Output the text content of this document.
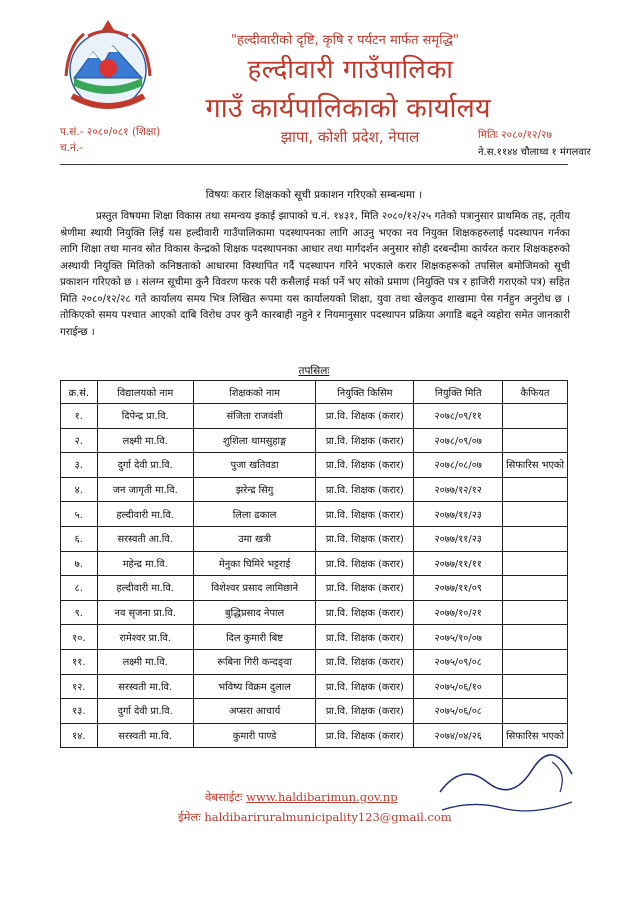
"हल्दीवारीको दृष्टि, कृषि र पर्यटन मार्फत समृद्धि"
हल्दीवारी गाउँपालिका
गाउँ कार्यपालिकाको कार्यालय
झापा, कोशी प्रदेश, नेपाल
प.सं.- २०८०/०८१ (शिक्षा)
च.नं.-
मितिः २०८०/१२/२७
ने.स.११४४ चौलाथ्व १ मंगलवार
विषयः करार शिक्षकको सूची प्रकाशन गरिएको सम्बन्धमा ।
प्रस्तुत विषयमा शिक्षा विकास तथा समन्वय इकाई झापाको च.नं. १४३१, मिति २०८०/१२/२५ गतेको पत्रानुसार प्राथमिक तह, तृतीय श्रेणीमा स्थायी नियुक्ति लिई यस हल्दीवारी गाउँपालिकामा पदस्थापनका लागि आउनु भएका नव नियुक्त शिक्षकहरुलाई पदस्थापन गर्नका लागि शिक्षा तथा मानव स्रोत विकास केन्द्रको शिक्षक पदस्थापनका आधार तथा मार्गदर्शन अनुसार सोही दरबन्दीमा कार्यरत करार शिक्षकहरुको अस्थायी नियुक्ति मितिको कनिष्ठताको आधारमा विस्थापित गर्दै पदस्थापन गरिने भएकाले करार शिक्षकहरूको तपसिल बमोजिमको सूची प्रकाशन गरिएको छ । संलग्न सूचीमा कुनै विवरण फरक परी कसैलाई मर्का पर्ने भए सोको प्रमाण (नियुक्ति पत्र र हाजिरी गराएको पत्र) सहित मिति २०८०/१२/२८ गते कार्यालय समय भित्र लिखित रूपमा यस कार्यालयको शिक्षा, युवा तथा खेलकुद शाखामा पेस गर्नहुन अनुरोध छ । तोकिएको समय पश्चात आएको दाबि विरोध उपर कुनै कारबाही नहुने र नियमानुसार पदस्थापन प्रक्रिया अगाडि बढ्ने व्यहोरा समेत जानकारी गराईन्छ ।
तपसिलः
क्र.सं.	विद्यालयको नाम	शिक्षकको नाम	नियुक्ति किसिम	नियुक्ति मिति	कैफियत
१.	दिपेन्द्र प्रा.वि.	संजिता राजवंशी	प्रा.वि. शिक्षक (करार)	२०७८/०९/११	
२.	लक्ष्मी मा.वि.	शुशिला थामसुहाङ्ग	प्रा.वि. शिक्षक (करार)	२०७८/०९/०७	
३.	दुर्गा देवी प्रा.वि.	पुजा खतिवडा	प्रा.वि. शिक्षक (करार)	२०७८/०८/०७	सिफारिस भएको
४.	जन जागृती मा.वि.	झरेन्द्र सिगु	प्रा.वि. शिक्षक (करार)	२०७७/१२/१२	
५.	हल्दीवारी मा.वि.	लिला ढकाल	प्रा.वि. शिक्षक (करार)	२०७७/११/२३	
६.	सरस्वती आ.वि.	उमा खत्री	प्रा.वि. शिक्षक (करार)	२०७७/११/२३	
७.	महेन्द्र मा.वि.	मेनुका घिमिरे भट्टराई	प्रा.वि. शिक्षक (करार)	२०७७/११/११	
८.	हल्दीवारी मा.वि.	विशेश्वर प्रसाद लामिछाने	प्रा.वि. शिक्षक (करार)	२०७७/११/०९	
९.	नव सृजना प्रा.वि.	बुद्धिप्रसाद नेपाल	प्रा.वि. शिक्षक (करार)	२०७७/१०/२१	
१०.	रामेश्वर प्रा.वि.	दिल कुमारी बिष्ट	प्रा.वि. शिक्षक (करार)	२०७५/१०/०७	
११.	लक्ष्मी मा.वि.	रूबिना गिरी कन्दङ्वा	प्रा.वि. शिक्षक (करार)	२०७५/०९/०८	
१२.	सरस्वती मा.वि.	भविष्य विक्रम दुलाल	प्रा.वि. शिक्षक (करार)	२०७५/०६/१०	
१३.	दुर्गा देवी प्रा.वि.	अप्सरा आचार्य	प्रा.वि. शिक्षक (करार)	२०७५/०६/०८	
१४.	सरस्वती मा.वि.	कुमारी पाण्डे	प्रा.वि. शिक्षक (करार)	२०७४/०४/२६	सिफारिस भएको
वेबसाईटः www.haldibarimun.gov.np
ईमेलः haldibariruralmunicipality123@gmail.com
